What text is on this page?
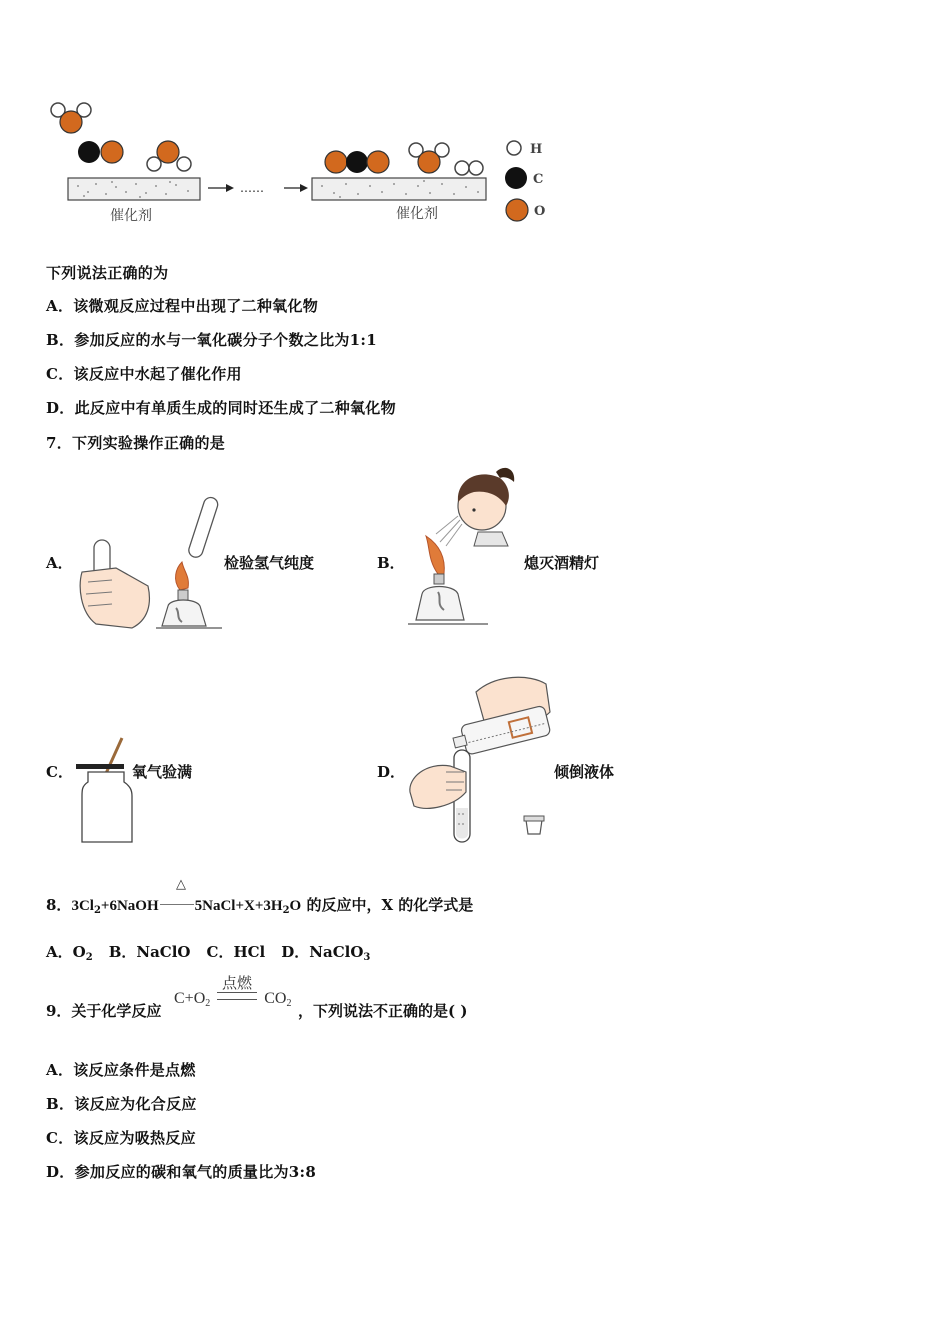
催化剂
……
催化剂
H
C
O
下列说法正确的为
A．该微观反应过程中出现了二种氧化物
B．参加反应的水与一氧化碳分子个数之比为1:1
C．该反应中水起了催化作用
D．此反应中有单质生成的同时还生成了二种氧化物
7．下列实验操作正确的是
A．	检验氢气纯度	B．	熄灭酒精灯
C．	氧气验满	D．	倾倒液体
8．$3Cl_2+6NaOH$ $5NaCl+X+3H_2O$ 的反应中，X 的化学式是
△
A．$O_2$ B．NaClO C．HCl D．NaClO$_3$
9．关于化学反应
$C+O_2$	$CO_2$
点燃
，下列说法不正确的是( )
A．该反应条件是点燃
B．该反应为化合反应
C．该反应为吸热反应
D．参加反应的碳和氧气的质量比为3:8
